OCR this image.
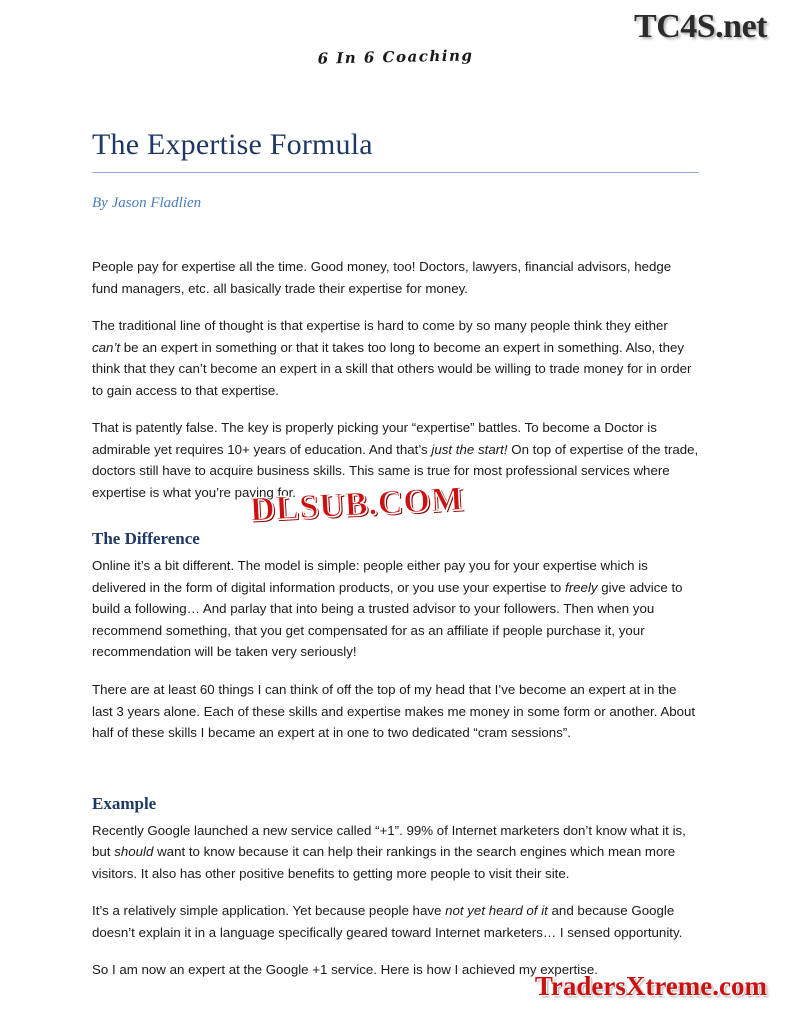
TC4S.net
6 In 6 Coaching
The Expertise Formula
By Jason Fladlien

People pay for expertise all the time. Good money, too! Doctors, lawyers, financial advisors, hedge fund managers, etc. all basically trade their expertise for money.

The traditional line of thought is that expertise is hard to come by so many people think they either can’t be an expert in something or that it takes too long to become an expert in something. Also, they think that they can’t become an expert in a skill that others would be willing to trade money for in order to gain access to that expertise.

That is patently false. The key is properly picking your “expertise” battles. To become a Doctor is admirable yet requires 10+ years of education. And that’s just the start! On top of expertise of the trade, doctors still have to acquire business skills. This same is true for most professional services where expertise is what you’re paying for.

The Difference

Online it’s a bit different. The model is simple: people either pay you for your expertise which is delivered in the form of digital information products, or you use your expertise to freely give advice to build a following… And parlay that into being a trusted advisor to your followers. Then when you recommend something, that you get compensated for as an affiliate if people purchase it, your recommendation will be taken very seriously!

There are at least 60 things I can think of off the top of my head that I’ve become an expert at in the last 3 years alone. Each of these skills and expertise makes me money in some form or another. About half of these skills I became an expert at in one to two dedicated “cram sessions”.

Example

Recently Google launched a new service called “+1”. 99% of Internet marketers don’t know what it is, but should want to know because it can help their rankings in the search engines which mean more visitors. It also has other positive benefits to getting more people to visit their site.

It’s a relatively simple application. Yet because people have not yet heard of it and because Google doesn’t explain it in a language specifically geared toward Internet marketers… I sensed opportunity.

So I am now an expert at the Google +1 service. Here is how I achieved my expertise.

DLSUB.COM
TradersXtreme.com
